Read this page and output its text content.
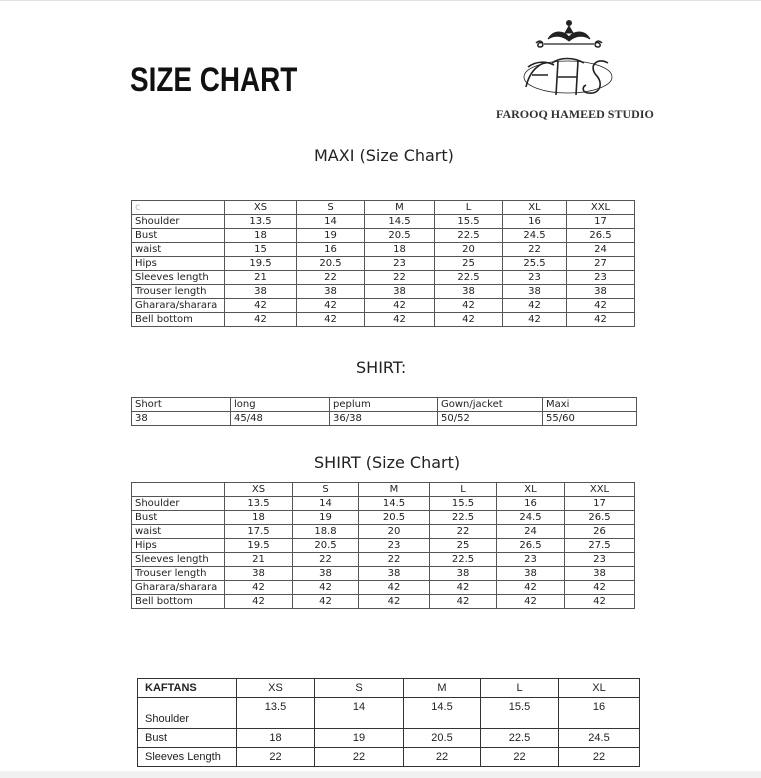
SIZE CHART
FAROOQ HAMEED STUDIO
MAXI (Size Chart)
c	XS	S	M	L	XL	XXL
Shoulder	13.5	14	14.5	15.5	16	17
Bust	18	19	20.5	22.5	24.5	26.5
waist	15	16	18	20	22	24
Hips	19.5	20.5	23	25	25.5	27
Sleeves length	21	22	22	22.5	23	23
Trouser length	38	38	38	38	38	38
Gharara/sharara	42	42	42	42	42	42
Bell bottom	42	42	42	42	42	42
SHIRT:
Short	long	peplum	Gown/jacket	Maxi
38	45/48	36/38	50/52	55/60
SHIRT (Size Chart)
	XS	S	M	L	XL	XXL
Shoulder	13.5	14	14.5	15.5	16	17
Bust	18	19	20.5	22.5	24.5	26.5
waist	17.5	18.8	20	22	24	26
Hips	19.5	20.5	23	25	26.5	27.5
Sleeves length	21	22	22	22.5	23	23
Trouser length	38	38	38	38	38	38
Gharara/sharara	42	42	42	42	42	42
Bell bottom	42	42	42	42	42	42
KAFTANS	XS	S	M	L	XL
Shoulder	13.5	14	14.5	15.5	16
Bust	18	19	20.5	22.5	24.5
Sleeves Length	22	22	22	22	22
